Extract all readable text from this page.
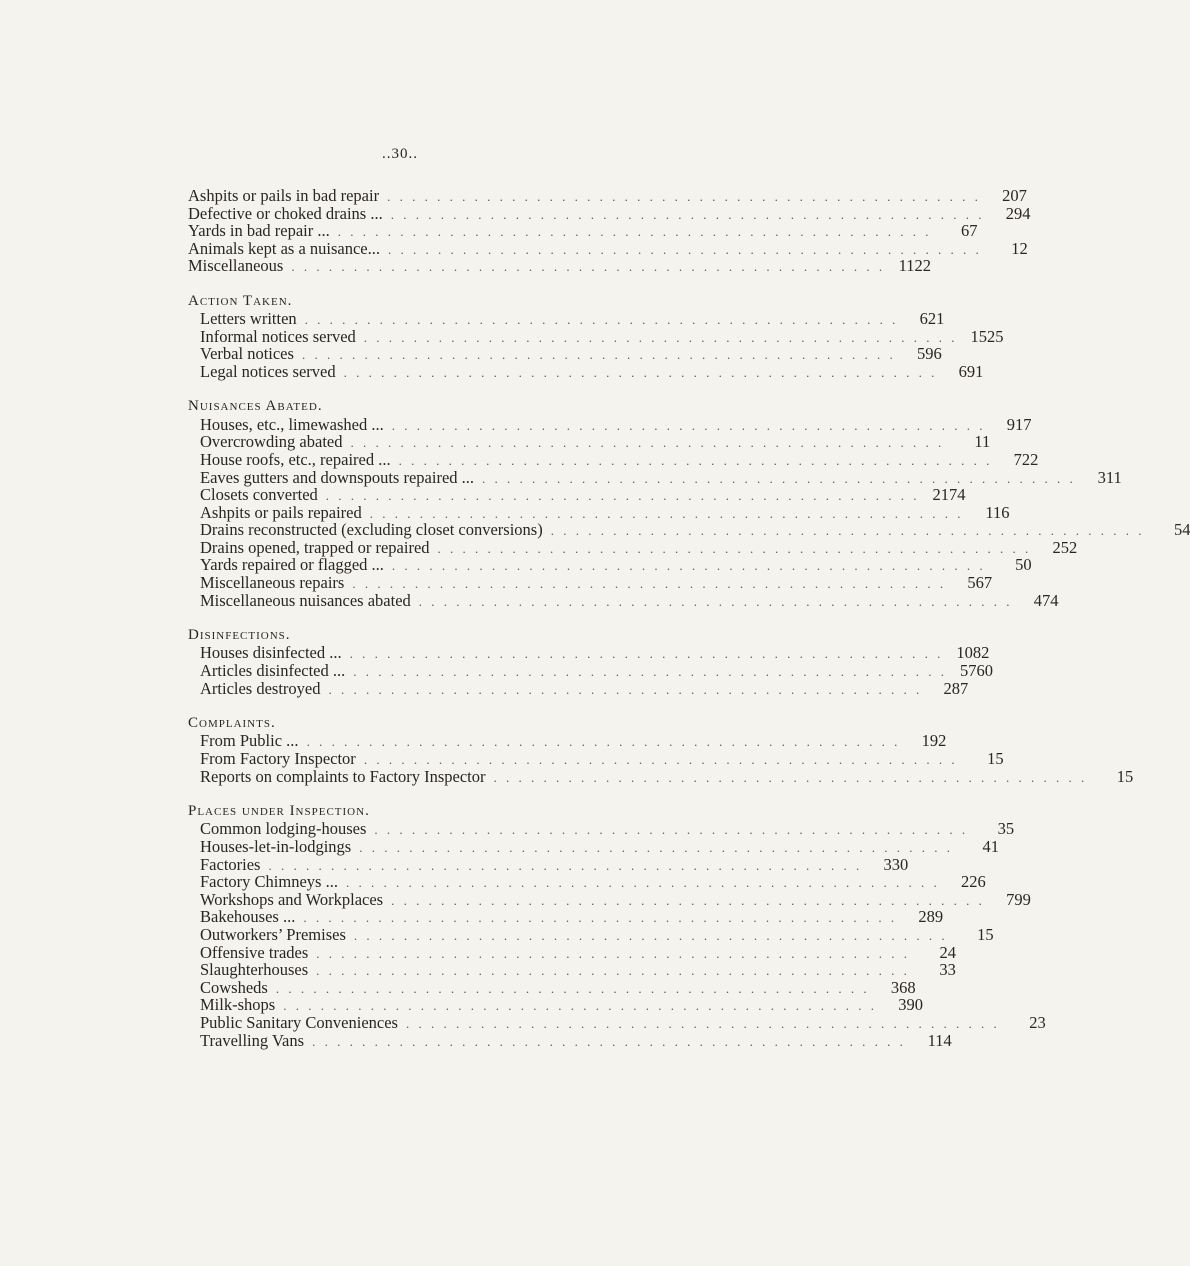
..30..
Ashpits or pails in bad repair . . . . . . . . . . . . . . . . . . . . . . . . . . . . . . . . . . . . . . . . . . . . . . . .	207
Defective or choked drains ... . . . . . . . . . . . . . . . . . . . . . . . . . . . . . . . . . . . . . . . . . . . . . . . .	294
Yards in bad repair ... . . . . . . . . . . . . . . . . . . . . . . . . . . . . . . . . . . . . . . . . . . . . . . . .	67
Animals kept as a nuisance... . . . . . . . . . . . . . . . . . . . . . . . . . . . . . . . . . . . . . . . . . . . . . . . .	12
Miscellaneous . . . . . . . . . . . . . . . . . . . . . . . . . . . . . . . . . . . . . . . . . . . . . . . . 1122
Action Taken.
Letters written . . . . . . . . . . . . . . . . . . . . . . . . . . . . . . . . . . . . . . . . . . . . . . . .	621
Informal notices served . . . . . . . . . . . . . . . . . . . . . . . . . . . . . . . . . . . . . . . . . . . . . . . . 1525
Verbal notices . . . . . . . . . . . . . . . . . . . . . . . . . . . . . . . . . . . . . . . . . . . . . . . .	596
Legal notices served . . . . . . . . . . . . . . . . . . . . . . . . . . . . . . . . . . . . . . . . . . . . . . . .	691
Nuisances Abated.
Houses, etc., limewashed ... . . . . . . . . . . . . . . . . . . . . . . . . . . . . . . . . . . . . . . . . . . . . . . . .	917
Overcrowding abated . . . . . . . . . . . . . . . . . . . . . . . . . . . . . . . . . . . . . . . . . . . . . . . .	11
House roofs, etc., repaired ... . . . . . . . . . . . . . . . . . . . . . . . . . . . . . . . . . . . . . . . . . . . . . . . .	722
Eaves gutters and downspouts repaired ... . . . . . . . . . . . . . . . . . . . . . . . . . . . . . . . . . . . . . . . . . . . . . . . .	311
Closets converted . . . . . . . . . . . . . . . . . . . . . . . . . . . . . . . . . . . . . . . . . . . . . . . . 2174
Ashpits or pails repaired . . . . . . . . . . . . . . . . . . . . . . . . . . . . . . . . . . . . . . . . . . . . . . . .	116
Drains reconstructed (excluding closet conversions) . . . . . . . . . . . . . . . . . . . . . . . . . . . . . . . . . . . . . . . . . . . . . . . .	54
Drains opened, trapped or repaired . . . . . . . . . . . . . . . . . . . . . . . . . . . . . . . . . . . . . . . . . . . . . . . .	252
Yards repaired or flagged ... . . . . . . . . . . . . . . . . . . . . . . . . . . . . . . . . . . . . . . . . . . . . . . . .	50
Miscellaneous repairs . . . . . . . . . . . . . . . . . . . . . . . . . . . . . . . . . . . . . . . . . . . . . . . .	567
Miscellaneous nuisances abated . . . . . . . . . . . . . . . . . . . . . . . . . . . . . . . . . . . . . . . . . . . . . . . .	474
Disinfections.
Houses disinfected ... . . . . . . . . . . . . . . . . . . . . . . . . . . . . . . . . . . . . . . . . . . . . . . . . 1082
Articles disinfected ... . . . . . . . . . . . . . . . . . . . . . . . . . . . . . . . . . . . . . . . . . . . . . . . . 5760
Articles destroyed . . . . . . . . . . . . . . . . . . . . . . . . . . . . . . . . . . . . . . . . . . . . . . . .	287
Complaints.
From Public ... . . . . . . . . . . . . . . . . . . . . . . . . . . . . . . . . . . . . . . . . . . . . . . . .	192
From Factory Inspector . . . . . . . . . . . . . . . . . . . . . . . . . . . . . . . . . . . . . . . . . . . . . . . .	15
Reports on complaints to Factory Inspector . . . . . . . . . . . . . . . . . . . . . . . . . . . . . . . . . . . . . . . . . . . . . . . .	15
Places under Inspection.
Common lodging-houses . . . . . . . . . . . . . . . . . . . . . . . . . . . . . . . . . . . . . . . . . . . . . . . .	35
Houses-let-in-lodgings . . . . . . . . . . . . . . . . . . . . . . . . . . . . . . . . . . . . . . . . . . . . . . . .	41
Factories . . . . . . . . . . . . . . . . . . . . . . . . . . . . . . . . . . . . . . . . . . . . . . . .	330
Factory Chimneys ... . . . . . . . . . . . . . . . . . . . . . . . . . . . . . . . . . . . . . . . . . . . . . . . .	226
Workshops and Workplaces . . . . . . . . . . . . . . . . . . . . . . . . . . . . . . . . . . . . . . . . . . . . . . . .	799
Bakehouses ... . . . . . . . . . . . . . . . . . . . . . . . . . . . . . . . . . . . . . . . . . . . . . . . .	289
Outworkers’ Premises . . . . . . . . . . . . . . . . . . . . . . . . . . . . . . . . . . . . . . . . . . . . . . . .	15
Offensive trades . . . . . . . . . . . . . . . . . . . . . . . . . . . . . . . . . . . . . . . . . . . . . . . .	24
Slaughterhouses . . . . . . . . . . . . . . . . . . . . . . . . . . . . . . . . . . . . . . . . . . . . . . . .	33
Cowsheds . . . . . . . . . . . . . . . . . . . . . . . . . . . . . . . . . . . . . . . . . . . . . . . .	368
Milk-shops . . . . . . . . . . . . . . . . . . . . . . . . . . . . . . . . . . . . . . . . . . . . . . . .	390
Public Sanitary Conveniences . . . . . . . . . . . . . . . . . . . . . . . . . . . . . . . . . . . . . . . . . . . . . . . .	23
Travelling Vans . . . . . . . . . . . . . . . . . . . . . . . . . . . . . . . . . . . . . . . . . . . . . . . .	114
